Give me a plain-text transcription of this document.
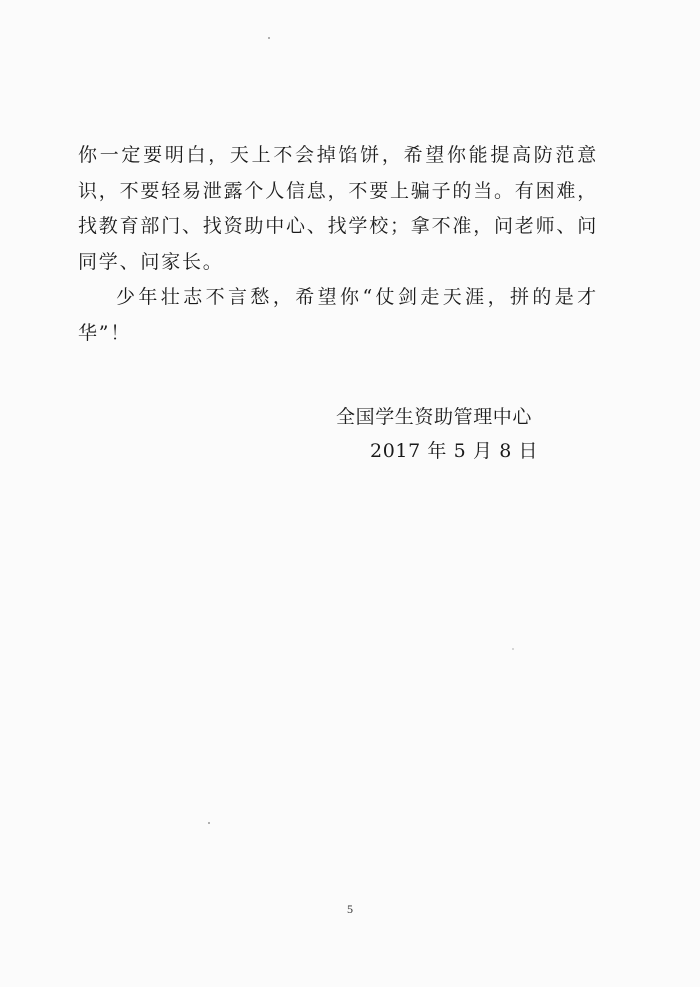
你一定要明白，天上不会掉馅饼，希望你能提高防范意识，不要轻易泄露个人信息，不要上骗子的当。有困难，找教育部门、找资助中心、找学校；拿不准，问老师、问同学、问家长。

少年壮志不言愁，希望你“仗剑走天涯，拼的是才华”！

全国学生资助管理中心

2017 年 5 月 8 日

5
